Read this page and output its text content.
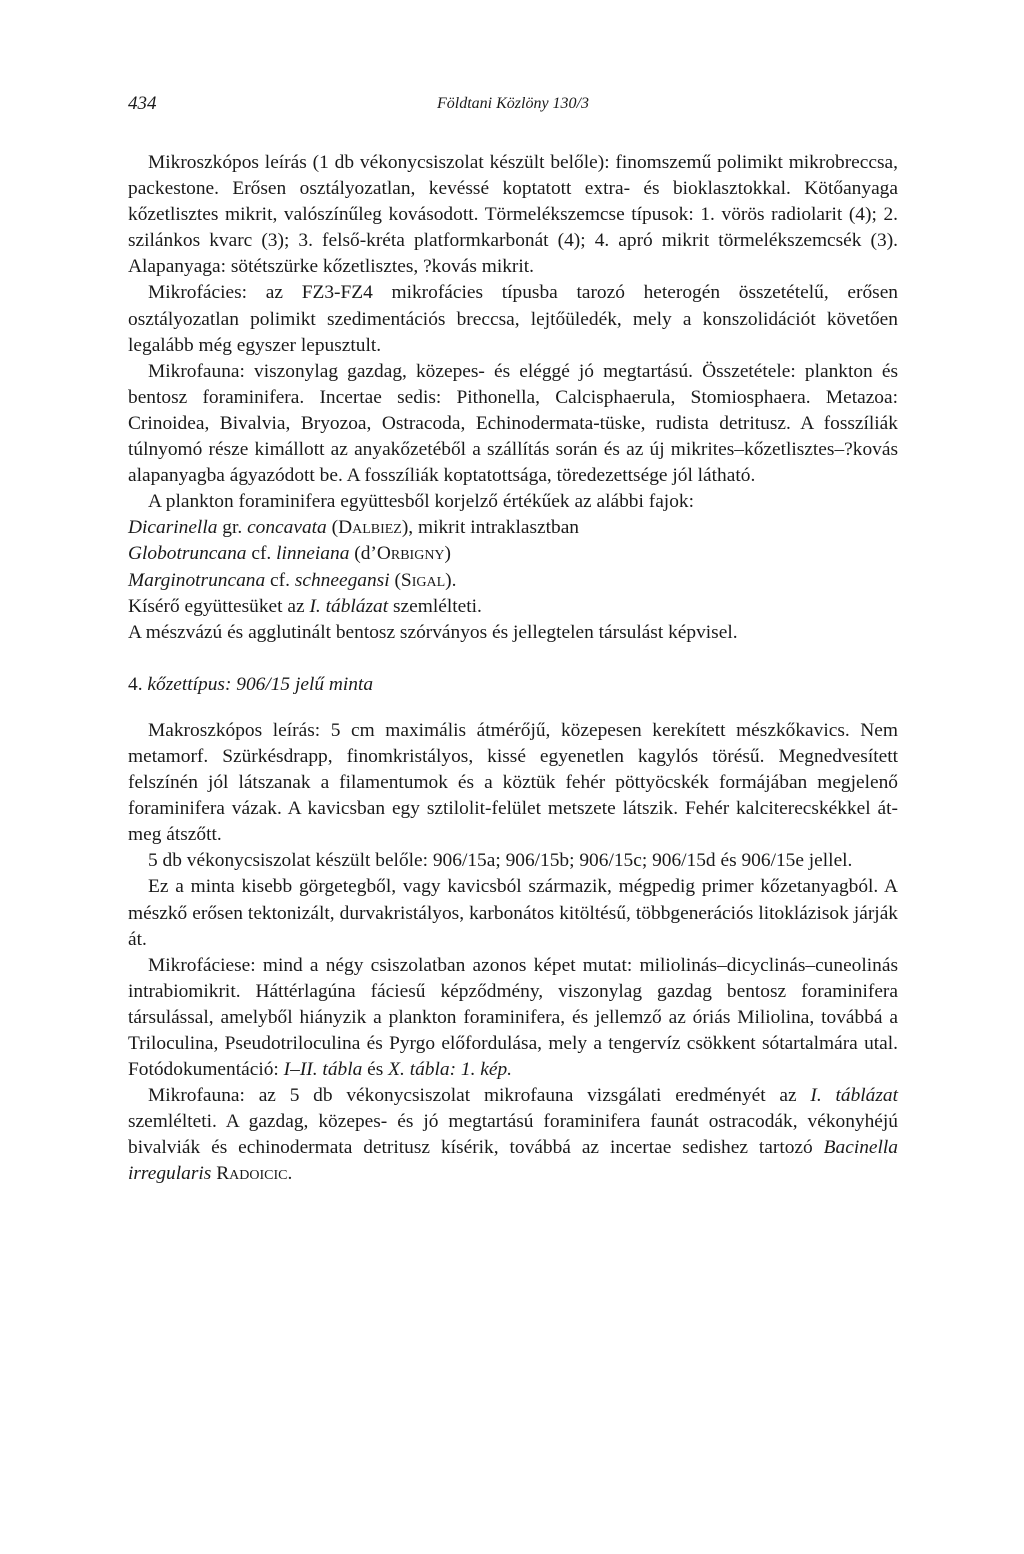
434	Földtani Közlöny 130/3

Mikroszkópos leírás (1 db vékonycsiszolat készült belőle): finomszemű polimikt mikrobreccsa, packestone. Erősen osztályozatlan, kevéssé koptatott extra- és bioklasztokkal. Kötőanyaga kőzetlisztes mikrit, valószínűleg kovásodott. Törmelékszemcse típusok: 1. vörös radiolarit (4); 2. szilánkos kvarc (3); 3. felső-kréta platformkarbonát (4); 4. apró mikrit törmelékszemcsék (3). Alapanyaga: sötétszürke kőzetlisztes, ?kovás mikrit.

Mikrofácies: az FZ3-FZ4 mikrofácies típusba tarozó heterogén összetételű, erősen osztályozatlan polimikt szedimentációs breccsa, lejtőüledék, mely a konszolidációt követően legalább még egyszer lepusztult.

Mikrofauna: viszonylag gazdag, közepes- és eléggé jó megtartású. Összetétele: plankton és bentosz foraminifera. Incertae sedis: Pithonella, Calcisphaerula, Stomiosphaera. Metazoa: Crinoidea, Bivalvia, Bryozoa, Ostracoda, Echinodermata-tüske, rudista detritusz. A fosszíliák túlnyomó része kimállott az anyakőzetéből a szállítás során és az új mikrites–kőzetlisztes–?kovás alapanyagba ágyazódott be. A fosszíliák koptatottsága, töredezettsége jól látható.

A plankton foraminifera együttesből korjelző értékűek az alábbi fajok:

Dicarinella gr. concavata (Dalbiez), mikrit intraklasztban

Globotruncana cf. linneiana (d’Orbigny)

Marginotruncana cf. schneegansi (Sigal).

Kísérő együttesüket az I. táblázat szemlélteti.

A mészvázú és agglutinált bentosz szórványos és jellegtelen társulást képvisel.

4. kőzettípus: 906/15 jelű minta

Makroszkópos leírás: 5 cm maximális átmérőjű, közepesen kerekített mészkőkavics. Nem metamorf. Szürkésdrapp, finomkristályos, kissé egyenetlen kagylós törésű. Megnedvesített felszínén jól látszanak a filamentumok és a köztük fehér pöttyöcskék formájában megjelenő foraminifera vázak. A kavicsban egy sztilolit-felület metszete látszik. Fehér kalciterecskékkel át- meg átszőtt.

5 db vékonycsiszolat készült belőle: 906/15a; 906/15b; 906/15c; 906/15d és 906/15e jellel.

Ez a minta kisebb görgetegből, vagy kavicsból származik, mégpedig primer kőzetanyagból. A mészkő erősen tektonizált, durvakristályos, karbonátos kitöltésű, többgenerációs litoklázisok járják át.

Mikrofáciese: mind a négy csiszolatban azonos képet mutat: miliolinás–dicyclinás–cuneolinás intrabiomikrit. Háttérlagúna fáciesű képződmény, viszonylag gazdag bentosz foraminifera társulással, amelyből hiányzik a plankton foraminifera, és jellemző az óriás Miliolina, továbbá a Triloculina, Pseudotriloculina és Pyrgo előfordulása, mely a tengervíz csökkent sótartalmára utal. Fotódokumentáció: I–II. tábla és X. tábla: 1. kép.

Mikrofauna: az 5 db vékonycsiszolat mikrofauna vizsgálati eredményét az I. táblázat szemlélteti. A gazdag, közepes- és jó megtartású foraminifera faunát ostracodák, vékonyhéjú bivalviák és echinodermata detritusz kísérik, továbbá az incertae sedishez tartozó Bacinella irregularis Radoicic.
